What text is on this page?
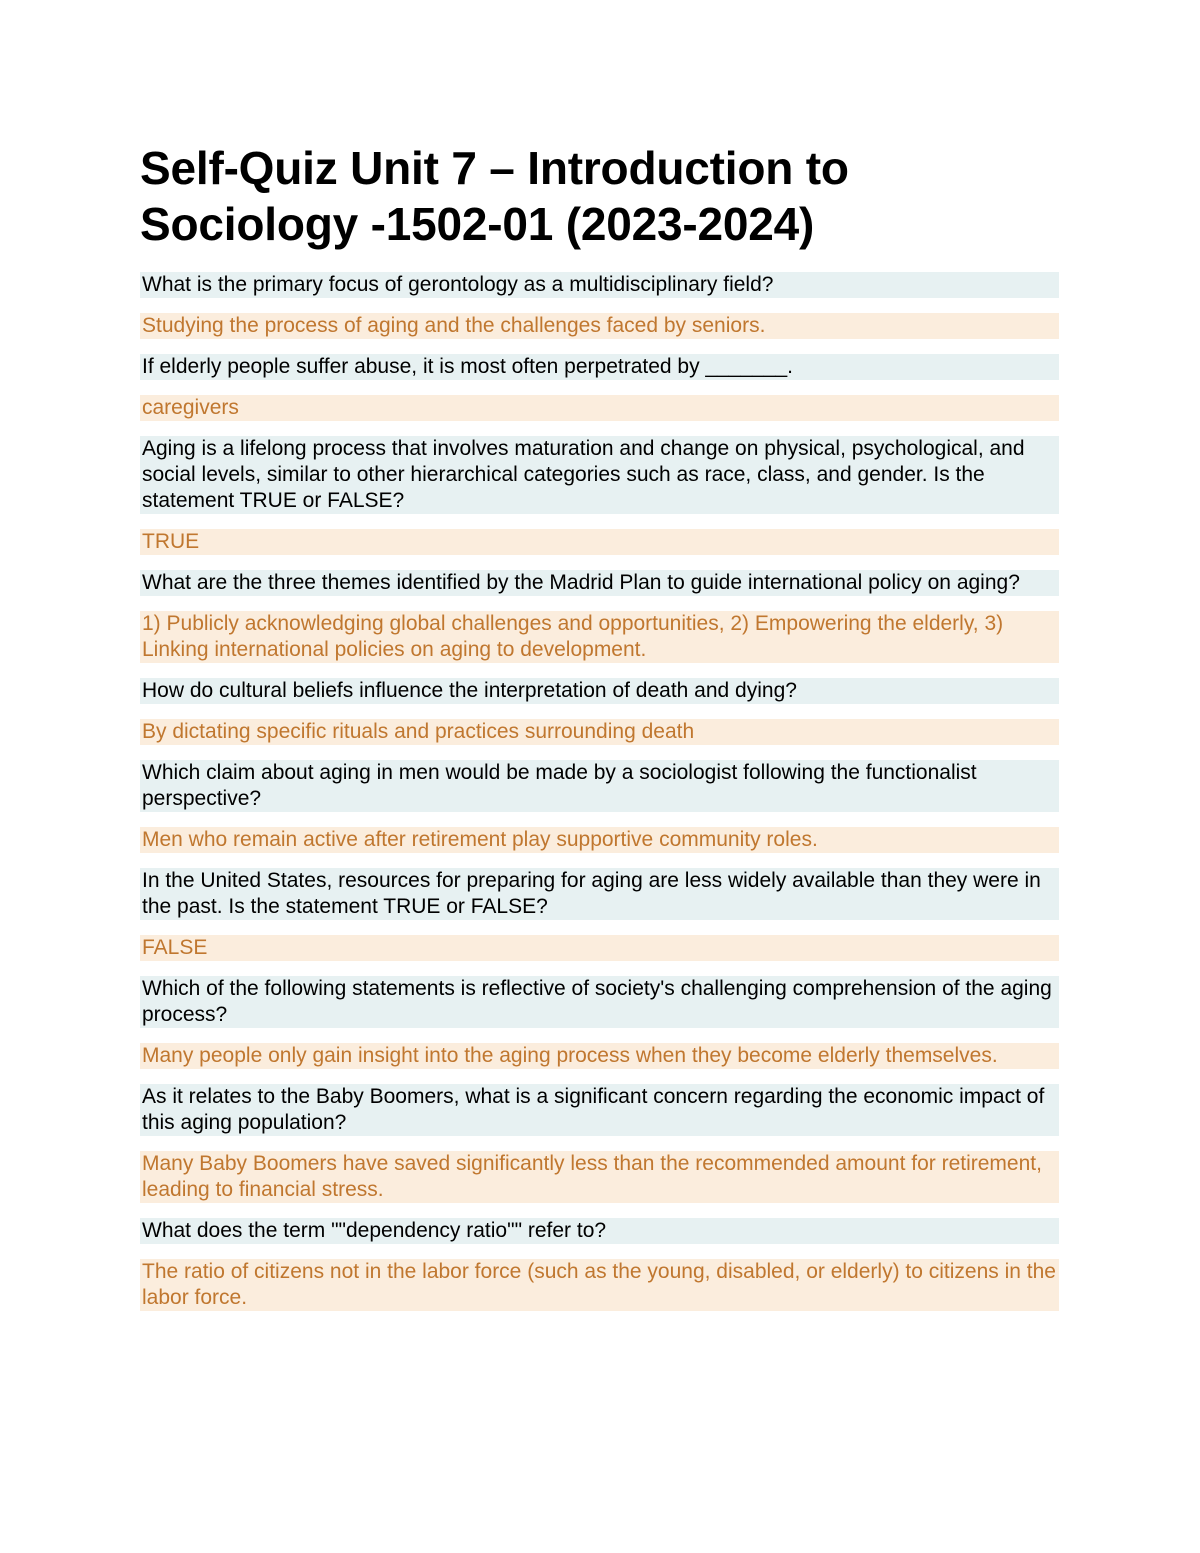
Self-Quiz Unit 7 – Introduction to Sociology -1502-01 (2023-2024)
What is the primary focus of gerontology as a multidisciplinary field?
Studying the process of aging and the challenges faced by seniors.
If elderly people suffer abuse, it is most often perpetrated by _______.
caregivers
Aging is a lifelong process that involves maturation and change on physical, psychological, and social levels, similar to other hierarchical categories such as race, class, and gender. Is the statement TRUE or FALSE?
TRUE
What are the three themes identified by the Madrid Plan to guide international policy on aging?
1) Publicly acknowledging global challenges and opportunities, 2) Empowering the elderly, 3) Linking international policies on aging to development.
How do cultural beliefs influence the interpretation of death and dying?
By dictating specific rituals and practices surrounding death
Which claim about aging in men would be made by a sociologist following the functionalist perspective?
Men who remain active after retirement play supportive community roles.
In the United States, resources for preparing for aging are less widely available than they were in the past. Is the statement TRUE or FALSE?
FALSE
Which of the following statements is reflective of society's challenging comprehension of the aging process?
Many people only gain insight into the aging process when they become elderly themselves.
As it relates to the Baby Boomers, what is a significant concern regarding the economic impact of this aging population?
Many Baby Boomers have saved significantly less than the recommended amount for retirement, leading to financial stress.
What does the term ""dependency ratio"" refer to?
The ratio of citizens not in the labor force (such as the young, disabled, or elderly) to citizens in the labor force.
